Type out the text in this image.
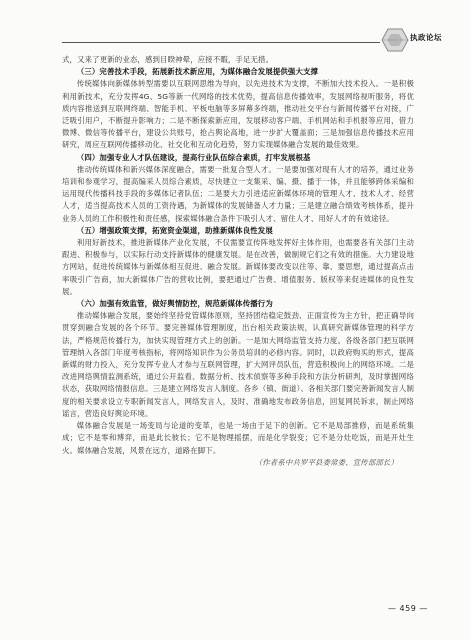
执政论坛

式，又来了更新的业态，感到目睽神晕，应接不暇，手足无措。

（三）完善技术手段，拓展新技术新应用，为媒体融合发展提供强大支撑

传统媒体向新媒体转型需要以互联网思维为导向，以先进技术为支撑，不断加大技术投入。一是积极利用新技术，充分发挥4G、5G等新一代网络的技术优势，提高信息传播效率，发展网络视听服务，将优质内容推送到互联网终端、智能手机、平板电脑等多屏幕多终端，推动社交平台与新闻传播平台对接，广泛吸引用户，不断提升影响力；二是不断探索新应用，发展移动客户端、手机网站和手机报等应用，借力微博、微信等传播平台，建设公共账号，抢占舆论高地，进一步扩大覆盖面；三是加强信息传播技术应用研究，周应互联网传播移动化、社交化和互动化趋势，努力实现媒体融合发展的最佳效果。

（四）加强专业人才队伍建设，提高行业队伍综合素质，打牢发展根基

推动传统媒体和新兴媒体深度融合，需要一批复合型人才。一是要加强对现有人才的培养，通过业务培训和参观学习，提高编采人员综合素质，尽快建立一支集采、编、摄、播于一体，并且能够跨体采编和运用现代传播科技手段的多媒体记者队伍；二是要大力引进适应新媒体环境的管理人才、技术人才、经营人才，适当提高技术人员的工资待遇，为新媒体的发展储备人才力量；三是建立融合绩效考核体系，提升业务人员的工作积极性和责任感，探索媒体融合条件下吸引人才、留住人才、用好人才的有效途径。

（五）增强政策支撑，拓宽资金渠道，助推新媒体良性发展

利用好新技术，推进新媒体产业化发展，不仅需要宣传阵地发挥好主体作用，也需要各有关部门主动跟进、积极参与，以实际行动支持新媒体的健康发展。是在改善，做制规它们之有效的措施。大力建设地方网站，促进传统媒体与新媒体相互促进、融合发展。新媒体要改变以往等、靠、要思想，通过提高点击率吸引广告商，加大新媒体广告的营收比例，要把通过广告费、增值服务、版权等来促进媒体的良性发展。

（六）加强有效监管，做好舆情防控，规范新媒体传播行为

推动媒体融合发展，要始终坚持党管媒体原则，坚持团结稳定鼓劲、正面宣传为主方针，把正确导向贯穿到融合发展的各个环节。要完善媒体管理制度，出台相关政策法规，认真研究新媒体管理的科学方法，严格规范传播行为，加快实现管理方式上的创新。一是加大网络监管支持力度。各级各部门把互联网管理纳入各部门年度考核指标，将网络知识作为公务员培训的必修内容。同时，以政府购买的形式，提高新媒的财力投入，充分发挥专业人才参与互联网管理，扩大网评员队伍，营造积极向上的网络环境。二是改进网络舆情监测系统，通过公开监看、数据分析、技术侦察等多种手段和方法分析研判，及时掌握网络状态，获取网络情报信息。三是建立网络发言人制度。各乡（镇、街道）、各相关部门要完善新闻发言人制度的相关要求设立专职新闻发言人，网络发言人，及时、准确地发布政务信息，回复网民诉求，制止网络谣言，营造良好舆论环境。

媒体融合发展是一场变局与论道的变革，也是一场由于足下的创新。它不是局部推修，而是系统集成；它不是零和博弈，而是此长彼长；它不是物理摇摆，而是化学裂变；它不是分灶吃饭，而是开灶生火。媒体融合发展，风景在远方，道路在脚下。

（作者系中共罗平县委常委、宣传部部长）

— 459 —
